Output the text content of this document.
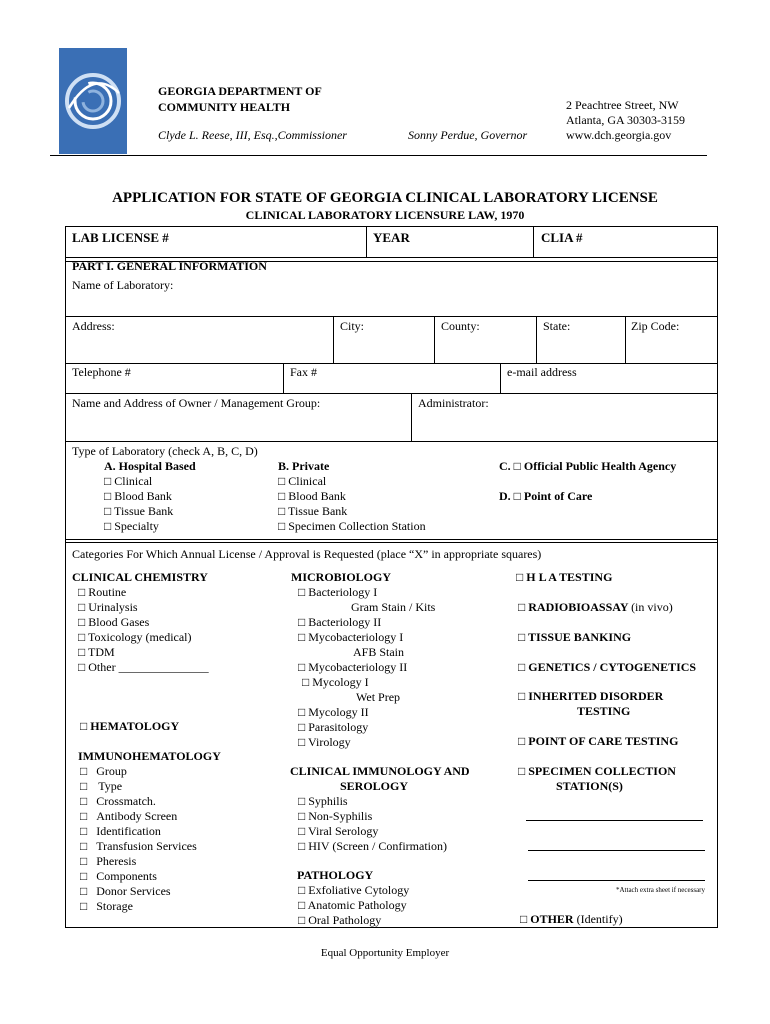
GEORGIA DEPARTMENT OF
COMMUNITY HEALTH
Clyde L. Reese, III, Esq.,Commissioner	Sonny Perdue, Governor
2 Peachtree Street, NW
Atlanta, GA 30303-3159
www.dch.georgia.gov
APPLICATION FOR STATE OF GEORGIA CLINICAL LABORATORY LICENSE
CLINICAL LABORATORY LICENSURE LAW, 1970
LAB LICENSE #	YEAR	CLIA #
PART I. GENERAL INFORMATION
Name of Laboratory:
Address:	City:	County:	State:	Zip Code:
Telephone #	Fax #	e-mail address
Name and Address of Owner / Management Group:	Administrator:
Type of Laboratory (check A, B, C, D)
A. Hospital Based
□ Clinical
□ Blood Bank
□ Tissue Bank
□ Specialty
B. Private
□ Clinical
□ Blood Bank
□ Tissue Bank
□ Specimen Collection Station
C. □ Official Public Health Agency
D. □ Point of Care
Categories For Which Annual License / Approval is Requested (place “X” in appropriate squares)
CLINICAL CHEMISTRY
□ Routine
□ Urinalysis
□ Blood Gases
□ Toxicology (medical)
□ TDM
□ Other _______________
□ HEMATOLOGY
IMMUNOHEMATOLOGY
□ Group
□ Type
□ Crossmatch.
□ Antibody Screen
□ Identification
□ Transfusion Services
□ Pheresis
□ Components
□ Donor Services
□ Storage
MICROBIOLOGY
□ Bacteriology I
Gram Stain / Kits
□ Bacteriology II
□ Mycobacteriology I
AFB Stain
□ Mycobacteriology II
□ Mycology I
Wet Prep
□ Mycology II
□ Parasitology
□ Virology
CLINICAL IMMUNOLOGY AND
SEROLOGY
□ Syphilis
□ Non-Syphilis
□ Viral Serology
□ HIV (Screen / Confirmation)
PATHOLOGY
□ Exfoliative Cytology
□ Anatomic Pathology
□ Oral Pathology
□ H L A TESTING
□ RADIOBIOASSAY (in vivo)
□ TISSUE BANKING
□ GENETICS / CYTOGENETICS
□ INHERITED DISORDER
TESTING
□ POINT OF CARE TESTING
□ SPECIMEN COLLECTION
STATION(S)
*Attach extra sheet if necessary
□ OTHER (Identify)
Equal Opportunity Employer
